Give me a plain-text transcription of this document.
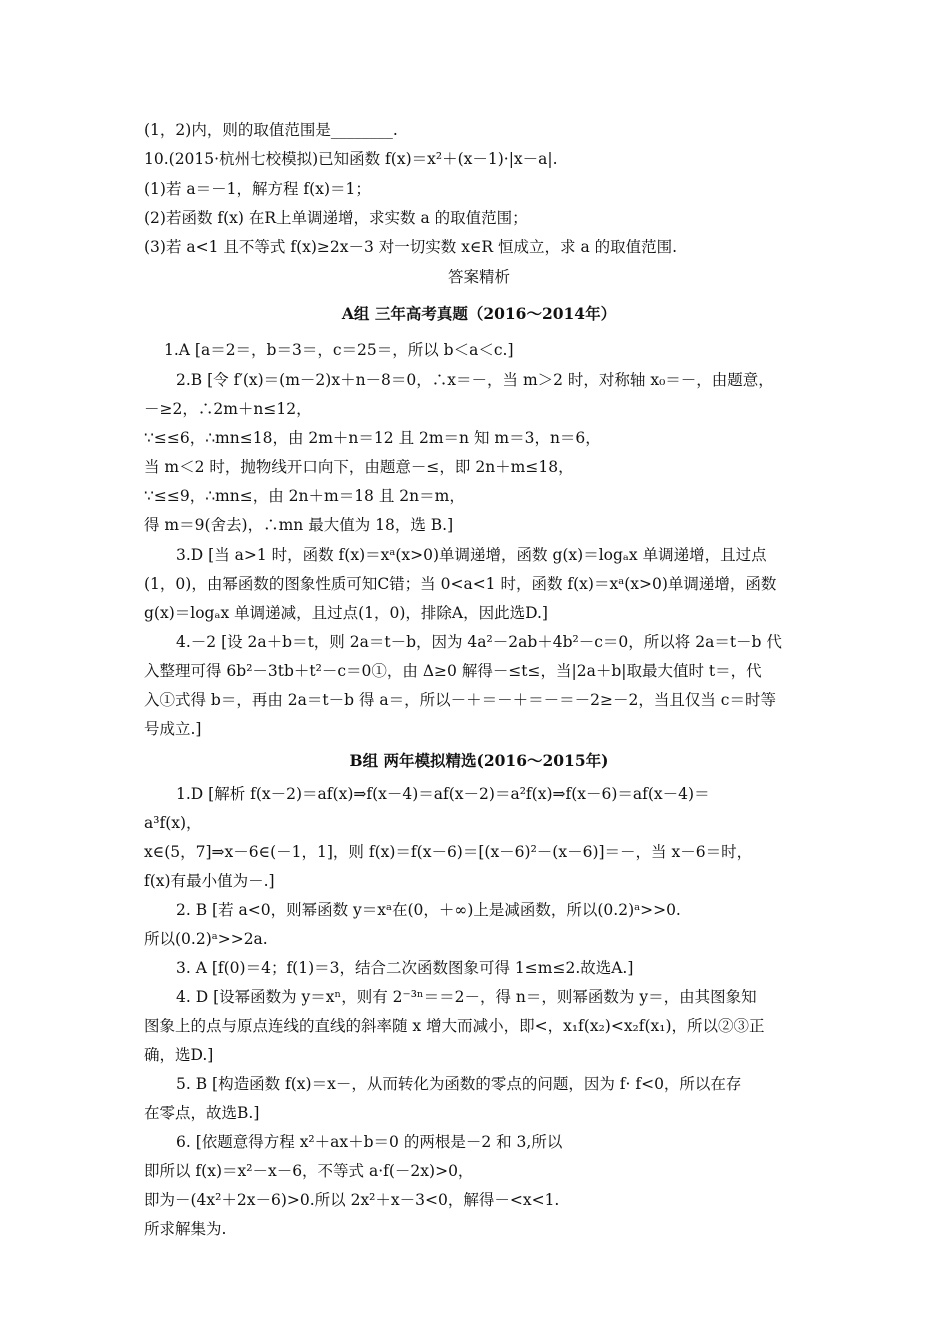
(1，2)内，则的取值范围是________.
10.(2015·杭州七校模拟)已知函数 f(x)＝x²＋(x－1)·|x－a|.
(1)若 a＝－1，解方程 f(x)＝1；
(2)若函数 f(x) 在R上单调递增，求实数 a 的取值范围；
(3)若 a<1 且不等式 f(x)≥2x－3 对一切实数 x∈R 恒成立，求 a 的取值范围.
答案精析
A组 三年高考真题（2016～2014年）
1.A [a＝2＝，b＝3＝，c＝25＝，所以 b＜a＜c.]
2.B [令 f′(x)＝(m－2)x＋n－8＝0，∴x＝－，当 m＞2 时，对称轴 x₀＝－，由题意，
－≥2，∴2m＋n≤12，
∵≤≤6，∴mn≤18，由 2m＋n＝12 且 2m＝n 知 m＝3，n＝6，
当 m＜2 时，抛物线开口向下，由题意－≤，即 2n＋m≤18，
∵≤≤9，∴mn≤，由 2n＋m＝18 且 2n＝m，
得 m＝9(舍去)，∴mn 最大值为 18，选 B.]
3.D [当 a>1 时，函数 f(x)＝xᵃ(x>0)单调递增，函数 g(x)＝logₐx 单调递增，且过点
(1，0)，由幂函数的图象性质可知C错；当 0<a<1 时，函数 f(x)＝xᵃ(x>0)单调递增，函数
g(x)＝logₐx 单调递减，且过点(1，0)，排除A，因此选D.]
4.－2 [设 2a＋b＝t，则 2a＝t－b，因为 4a²－2ab＋4b²－c＝0，所以将 2a＝t－b 代
入整理可得 6b²－3tb＋t²－c＝0①，由 Δ≥0 解得－≤t≤，当|2a＋b|取最大值时 t＝，代
入①式得 b＝，再由 2a＝t－b 得 a＝，所以－＋＝－＋＝－＝－2≥－2，当且仅当 c＝时等
号成立.]
B组 两年模拟精选(2016～2015年)
1.D [解析 f(x－2)＝af(x)⇒f(x－4)＝af(x－2)＝a²f(x)⇒f(x－6)＝af(x－4)＝
a³f(x)，
x∈(5，7]⇒x－6∈(－1，1]，则 f(x)＝f(x－6)＝[(x－6)²－(x－6)]＝－，当 x－6＝时，
f(x)有最小值为－.]
2. B [若 a<0，则幂函数 y＝xᵃ在(0，＋∞)上是减函数，所以(0.2)ᵃ>>0.
所以(0.2)ᵃ>>2a.
3. A [f(0)＝4；f(1)＝3，结合二次函数图象可得 1≤m≤2.故选A.]
4. D [设幂函数为 y＝xⁿ，则有 2⁻³ⁿ＝＝2－，得 n＝，则幂函数为 y＝，由其图象知
图象上的点与原点连线的直线的斜率随 x 增大而减小，即<，x₁f(x₂)<x₂f(x₁)，所以②③正
确，选D.]
5. B [构造函数 f(x)＝x－，从而转化为函数的零点的问题，因为 f· f<0，所以在存
在零点，故选B.]
6. [依题意得方程 x²＋ax＋b＝0 的两根是－2 和 3,所以
即所以 f(x)＝x²－x－6，不等式 a·f(－2x)>0，
即为－(4x²＋2x－6)>0.所以 2x²＋x－3<0，解得－<x<1.
所求解集为.
